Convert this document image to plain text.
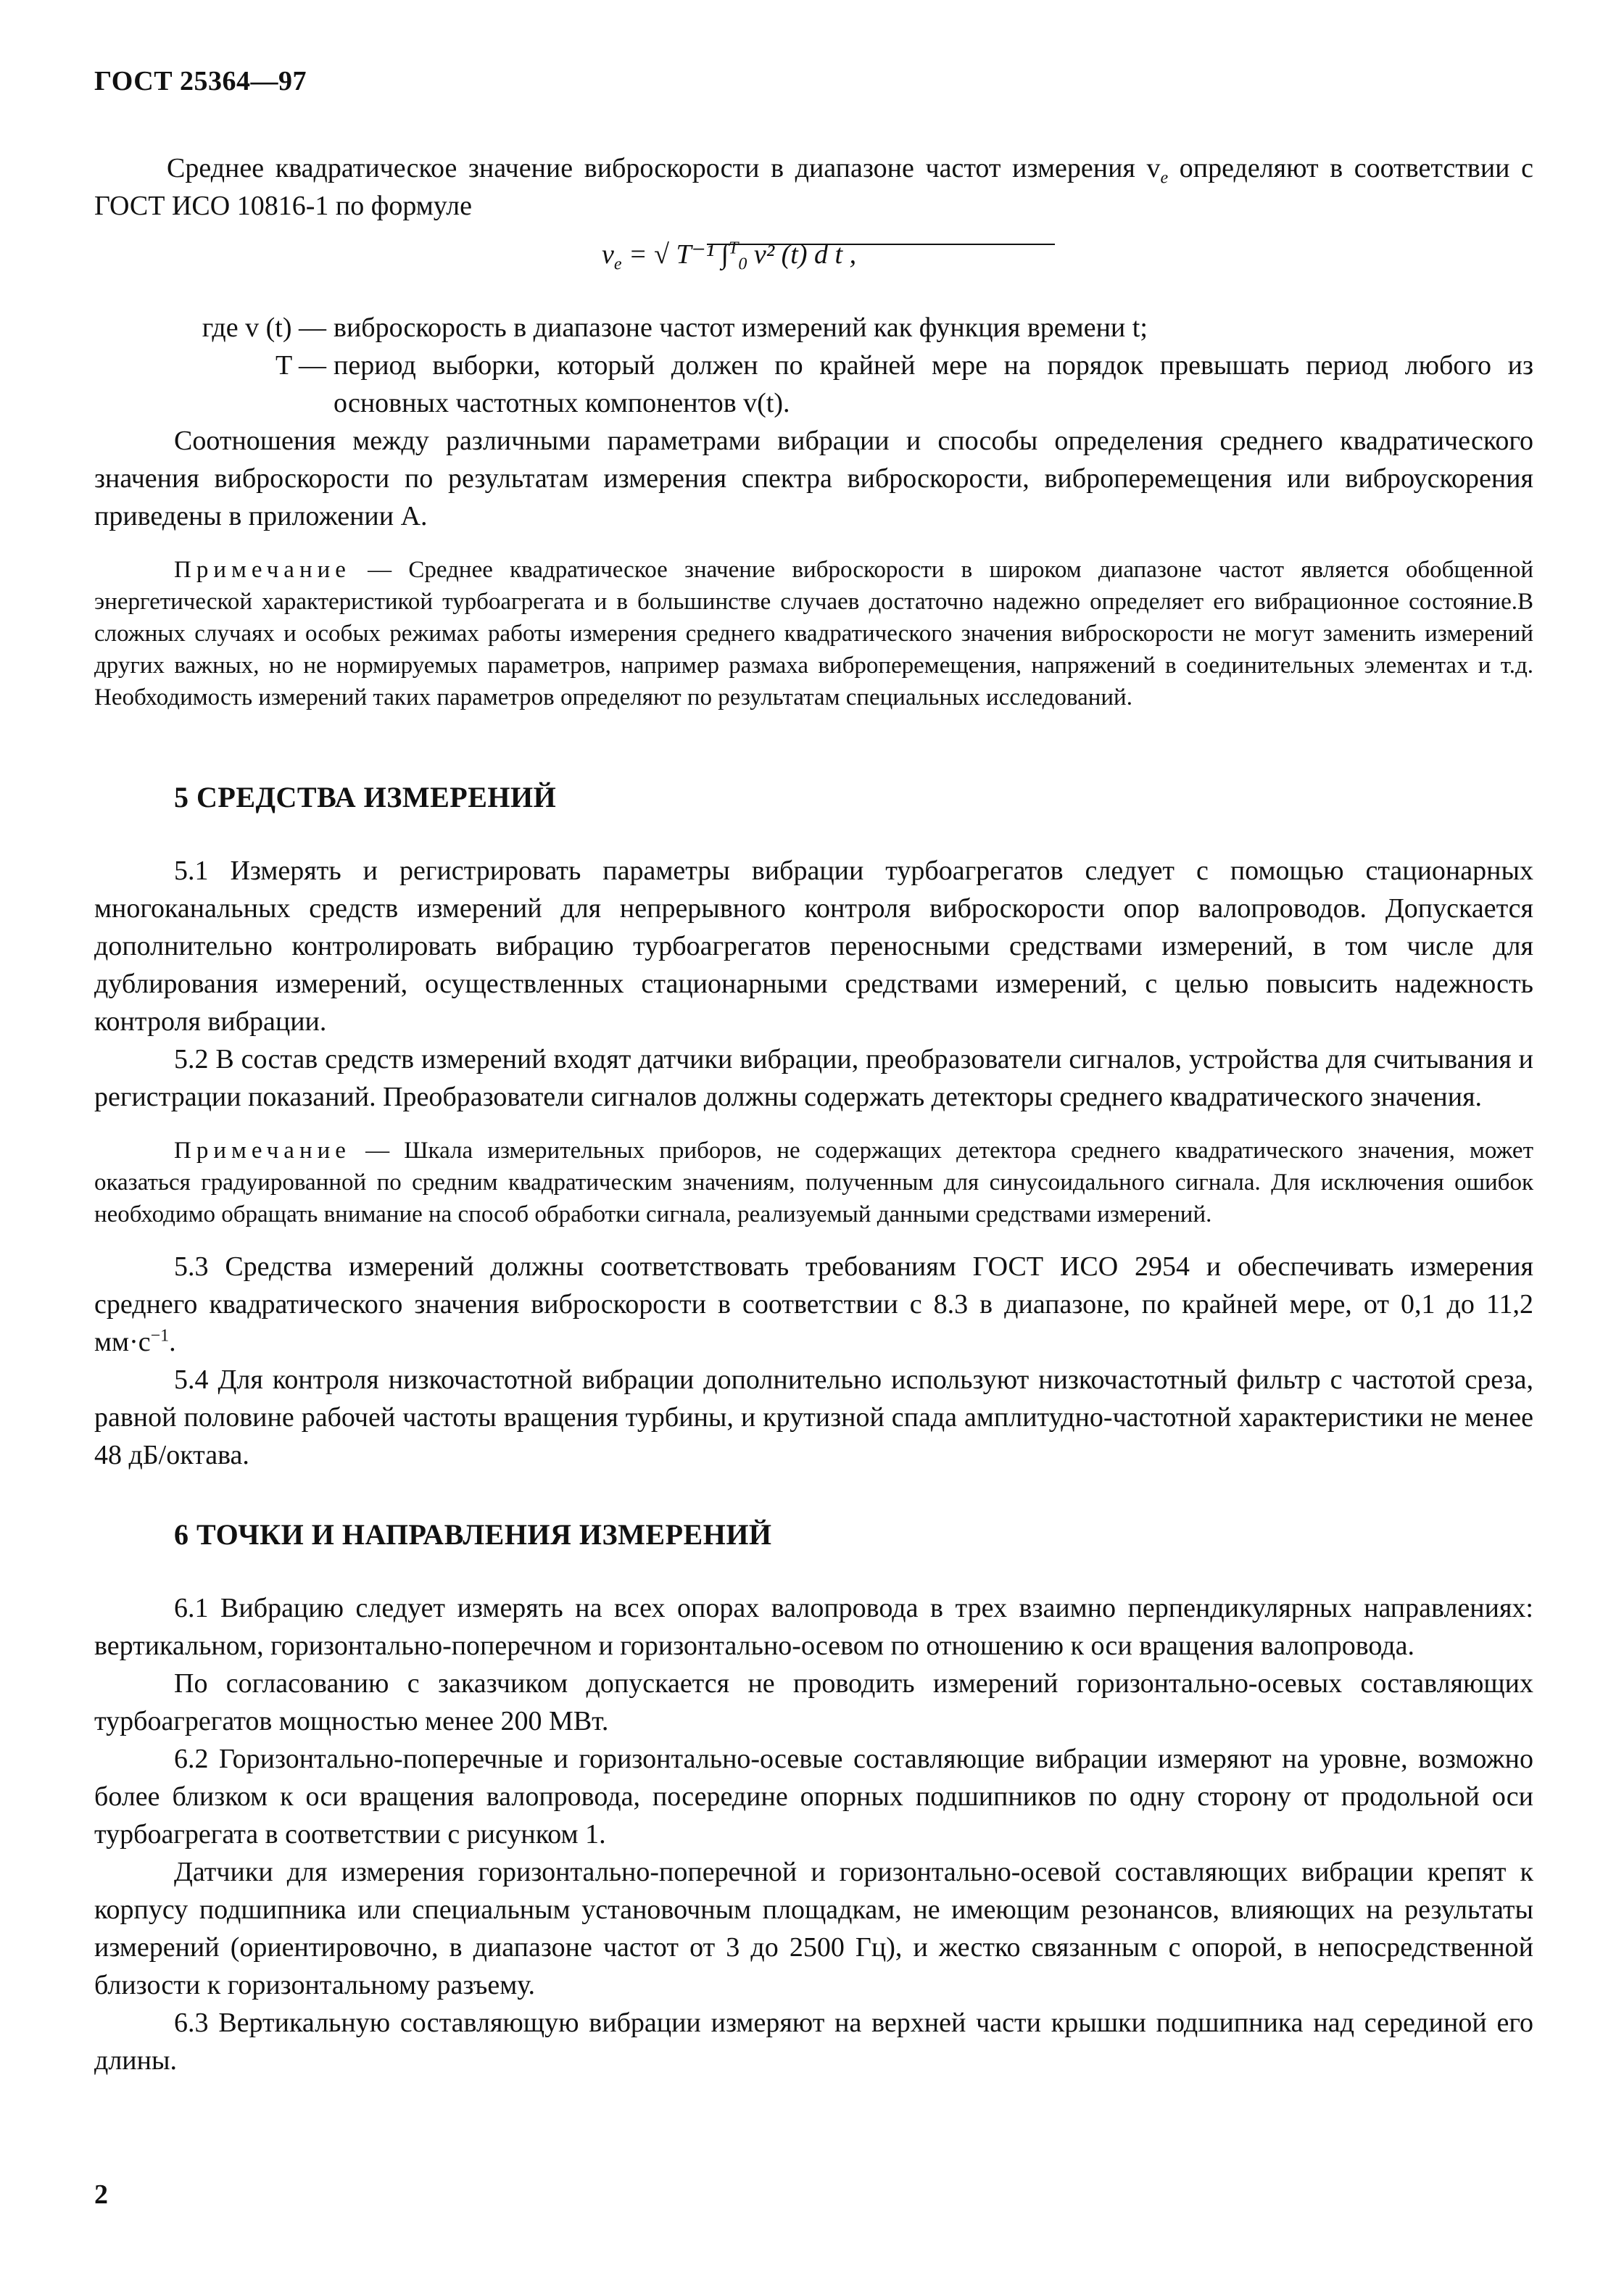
ГОСТ 25364—97

Среднее квадратическое значение виброскорости в диапазоне частот измерения $v_e$ определяют в соответствии с ГОСТ ИСО 10816-1 по формуле

$v_e$ = √ T⁻¹ ∫$^T_0$ v² (t) d t ,
где v (t) — виброскорость в диапазоне частот измерений как функция времени t;
T — период выборки, который должен по крайней мере на порядок превышать период любого из основных частотных компонентов v(t).

Соотношения между различными параметрами вибрации и способы определения среднего квадратического значения виброскорости по результатам измерения спектра виброскорости, виброперемещения или виброускорения приведены в приложении А.

Примечание — Среднее квадратическое значение виброскорости в широком диапазоне частот является обобщенной энергетической характеристикой турбоагрегата и в большинстве случаев достаточно надежно определяет его вибрационное состояние.В сложных случаях и особых режимах работы измерения среднего квадратического значения виброскорости не могут заменить измерений других важных, но не нормируемых параметров, например размаха виброперемещения, напряжений в соединительных элементах и т.д. Необходимость измерений таких параметров определяют по результатам специальных исследований.
5 СРЕДСТВА ИЗМЕРЕНИЙ

5.1 Измерять и регистрировать параметры вибрации турбоагрегатов следует с помощью стационарных многоканальных средств измерений для непрерывного контроля виброскорости опор валопроводов. Допускается дополнительно контролировать вибрацию турбоагрегатов переносными средствами измерений, в том числе для дублирования измерений, осуществленных стационарными средствами измерений, с целью повысить надежность контроля вибрации.

5.2 В состав средств измерений входят датчики вибрации, преобразователи сигналов, устройства для считывания и регистрации показаний. Преобразователи сигналов должны содержать детекторы среднего квадратического значения.

Примечание — Шкала измерительных приборов, не содержащих детектора среднего квадратического значения, может оказаться градуированной по средним квадратическим значениям, полученным для синусоидального сигнала. Для исключения ошибок необходимо обращать внимание на способ обработки сигнала, реализуемый данными средствами измерений.

5.3 Средства измерений должны соответствовать требованиям ГОСТ ИСО 2954 и обеспечивать измерения среднего квадратического значения виброскорости в соответствии с 8.3 в диапазоне, по крайней мере, от 0,1 до 11,2 $мм\cdot с^{-1}$.

5.4 Для контроля низкочастотной вибрации дополнительно используют низкочастотный фильтр с частотой среза, равной половине рабочей частоты вращения турбины, и крутизной спада амплитудно-частотной характеристики не менее 48 дБ/октава.

6 ТОЧКИ И НАПРАВЛЕНИЯ ИЗМЕРЕНИЙ

6.1 Вибрацию следует измерять на всех опорах валопровода в трех взаимно перпендикулярных направлениях: вертикальном, горизонтально-поперечном и горизонтально-осевом по отношению к оси вращения валопровода.

По согласованию с заказчиком допускается не проводить измерений горизонтально-осевых составляющих турбоагрегатов мощностью менее 200 МВт.

6.2 Горизонтально-поперечные и горизонтально-осевые составляющие вибрации измеряют на уровне, возможно более близком к оси вращения валопровода, посередине опорных подшипников по одну сторону от продольной оси турбоагрегата в соответствии с рисунком 1.

Датчики для измерения горизонтально-поперечной и горизонтально-осевой составляющих вибрации крепят к корпусу подшипника или специальным установочным площадкам, не имеющим резонансов, влияющих на результаты измерений (ориентировочно, в диапазоне частот от 3 до 2500 Гц), и жестко связанным с опорой, в непосредственной близости к горизонтальному разъему.

6.3 Вертикальную составляющую вибрации измеряют на верхней части крышки подшипника над серединой его длины.

2
